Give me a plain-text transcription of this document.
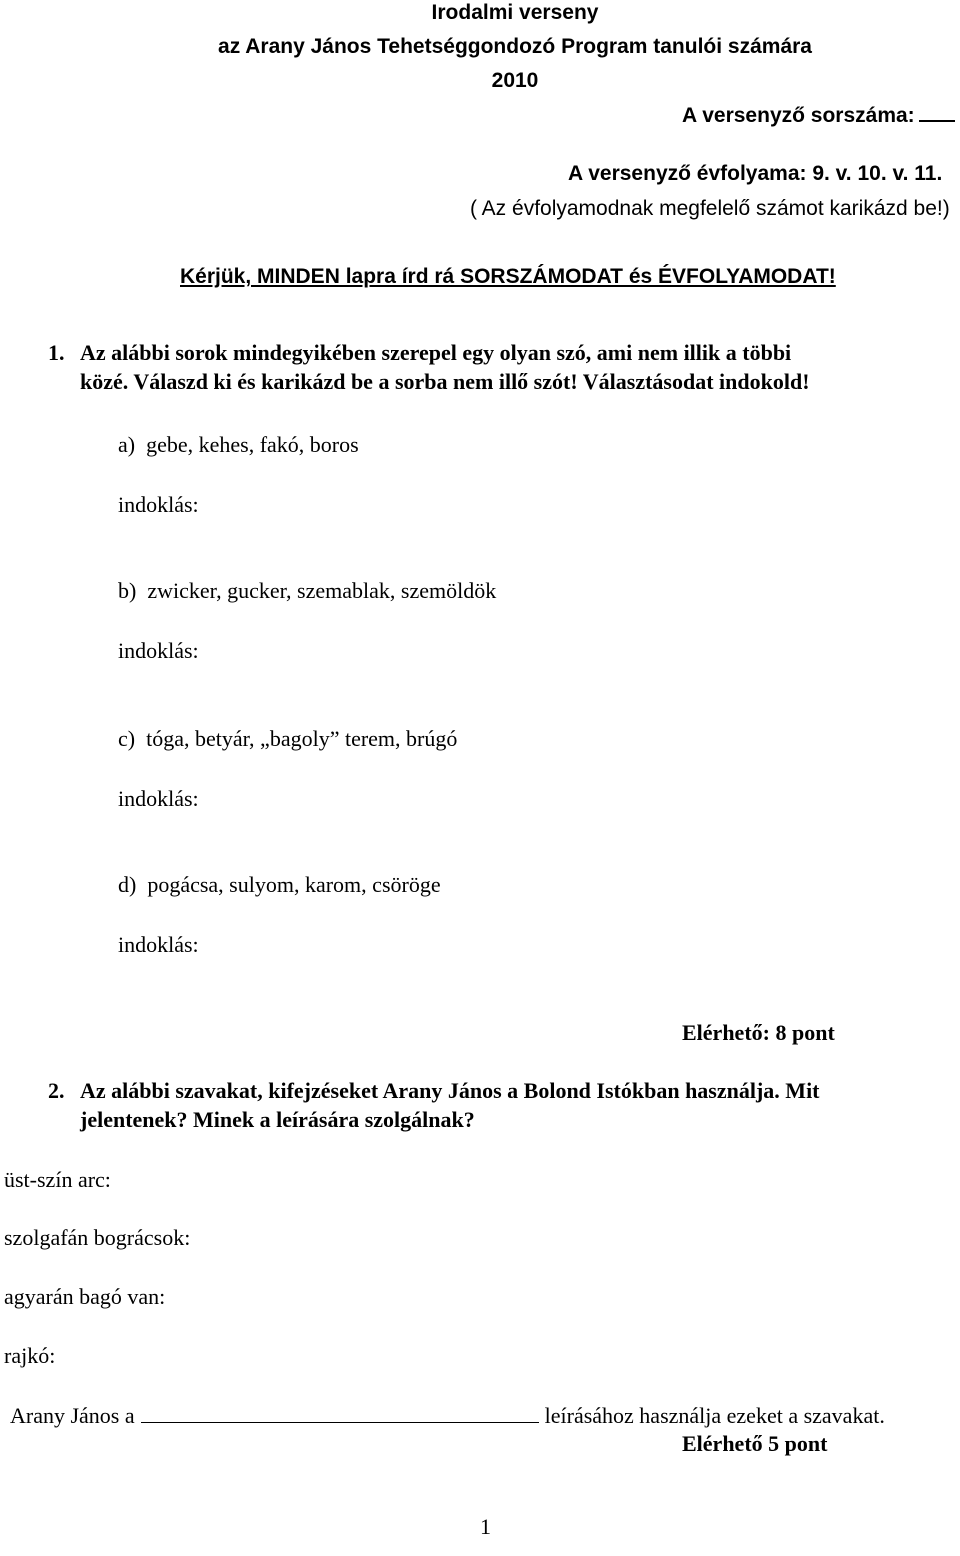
Irodalmi verseny
az Arany János Tehetséggondozó Program tanulói számára
2010
A versenyző sorszáma:
A versenyző évfolyama: 9. v. 10. v. 11.
( Az évfolyamodnak megfelelő számot karikázd be!)
Kérjük, MINDEN lapra írd rá SORSZÁMODAT és ÉVFOLYAMODAT!
1. Az alábbi sorok mindegyikében szerepel egy olyan szó, ami nem illik a többi
közé. Válaszd ki és karikázd be a sorba nem illő szót! Választásodat indokold!
a) gebe, kehes, fakó, boros
indoklás:
b) zwicker, gucker, szemablak, szemöldök
indoklás:
c) tóga, betyár, „bagoly” terem, brúgó
indoklás:
d) pogácsa, sulyom, karom, csöröge
indoklás:
Elérhető: 8 pont
2. Az alábbi szavakat, kifejzéseket Arany János a Bolond Istókban használja. Mit
jelentenek? Minek a leírására szolgálnak?
üst-szín arc:
szolgafán bográcsok:
agyarán bagó van:
rajkó:
Arany János a	leírásához használja ezeket a szavakat.
Elérhető 5 pont
1
